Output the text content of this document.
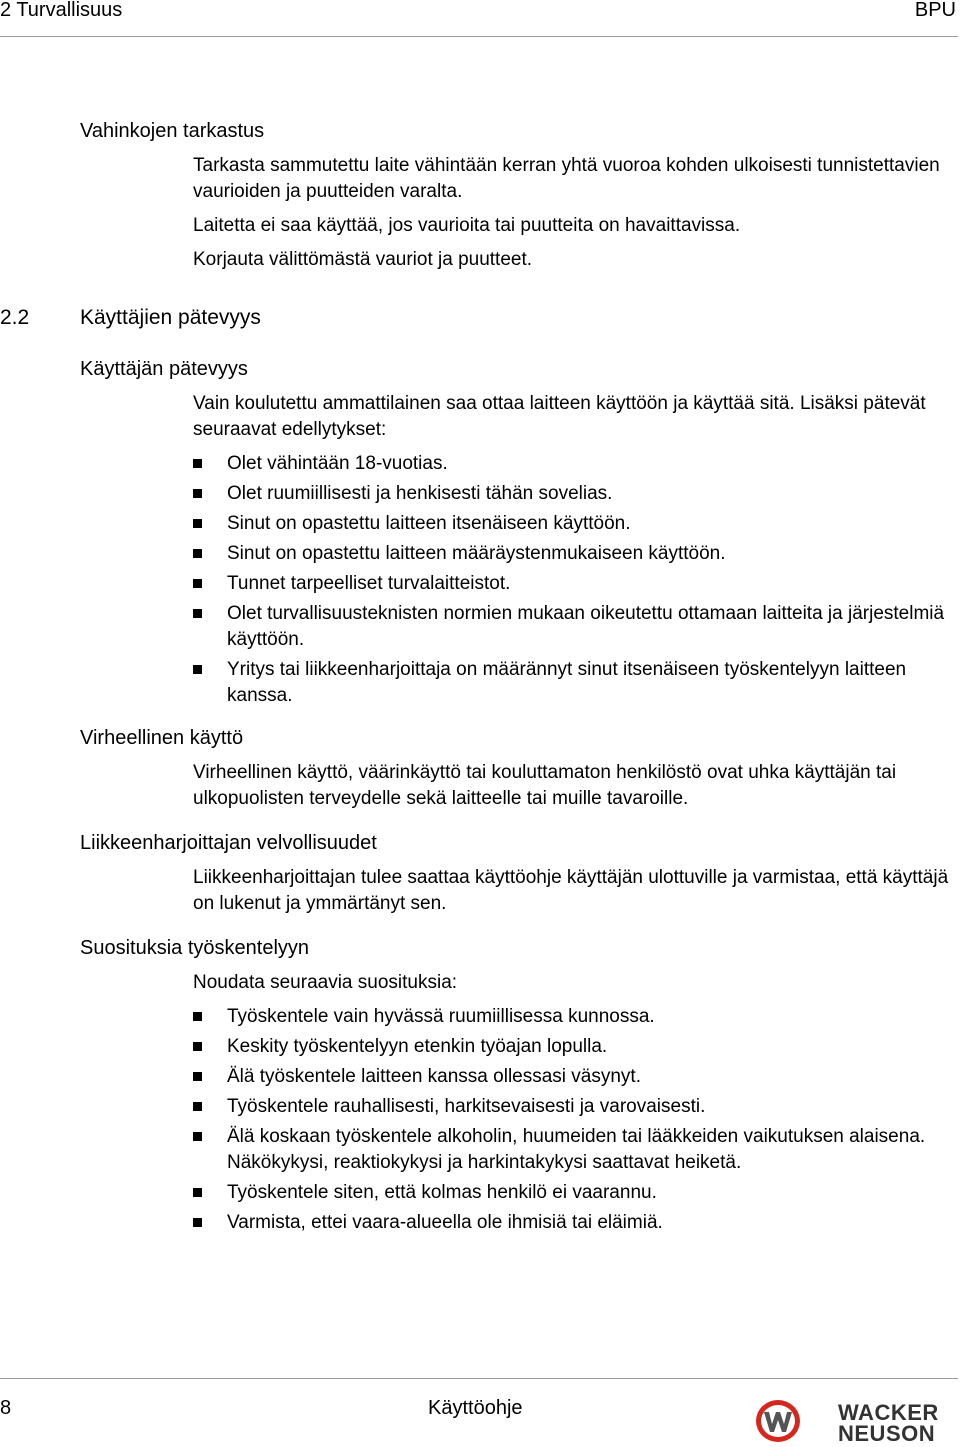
2 Turvallisuus	BPU
Vahinkojen tarkastus

Tarkasta sammutettu laite vähintään kerran yhtä vuoroa kohden ulkoisesti tunnistettavien vaurioiden ja puutteiden varalta.

Laitetta ei saa käyttää, jos vaurioita tai puutteita on havaittavissa.

Korjauta välittömästä vauriot ja puutteet.

2.2 Käyttäjien pätevyys
Käyttäjän pätevyys

Vain koulutettu ammattilainen saa ottaa laitteen käyttöön ja käyttää sitä. Lisäksi pätevät seuraavat edellytykset:

Olet vähintään 18-vuotias.
Olet ruumiillisesti ja henkisesti tähän sovelias.
Sinut on opastettu laitteen itsenäiseen käyttöön.
Sinut on opastettu laitteen määräystenmukaiseen käyttöön.
Tunnet tarpeelliset turvalaitteistot.
Olet turvallisuusteknisten normien mukaan oikeutettu ottamaan laitteita ja järjestelmiä käyttöön.
Yritys tai liikkeenharjoittaja on määrännyt sinut itsenäiseen työskentelyyn laitteen kanssa.
Virheellinen käyttö
Virheellinen käyttö, väärinkäyttö tai kouluttamaton henkilöstö ovat uhka käyttäjän tai ulkopuolisten terveydelle sekä laitteelle tai muille tavaroille.
Liikkeenharjoittajan velvollisuudet
Liikkeenharjoittajan tulee saattaa käyttöohje käyttäjän ulottuville ja varmistaa, että käyttäjä on lukenut ja ymmärtänyt sen.
Suosituksia työskentelyyn

Noudata seuraavia suosituksia:

Työskentele vain hyvässä ruumiillisessa kunnossa.
Keskity työskentelyyn etenkin työajan lopulla.
Älä työskentele laitteen kanssa ollessasi väsynyt.
Työskentele rauhallisesti, harkitsevaisesti ja varovaisesti.
Älä koskaan työskentele alkoholin, huumeiden tai lääkkeiden vaikutuksen alaisena. Näkökykysi, reaktiokykysi ja harkintakykysi saattavat heiketä.
Työskentele siten, että kolmas henkilö ei vaarannu.
Varmista, ettei vaara-alueella ole ihmisiä tai eläimiä.
8	Käyttöohje	WACKER
NEUSON
